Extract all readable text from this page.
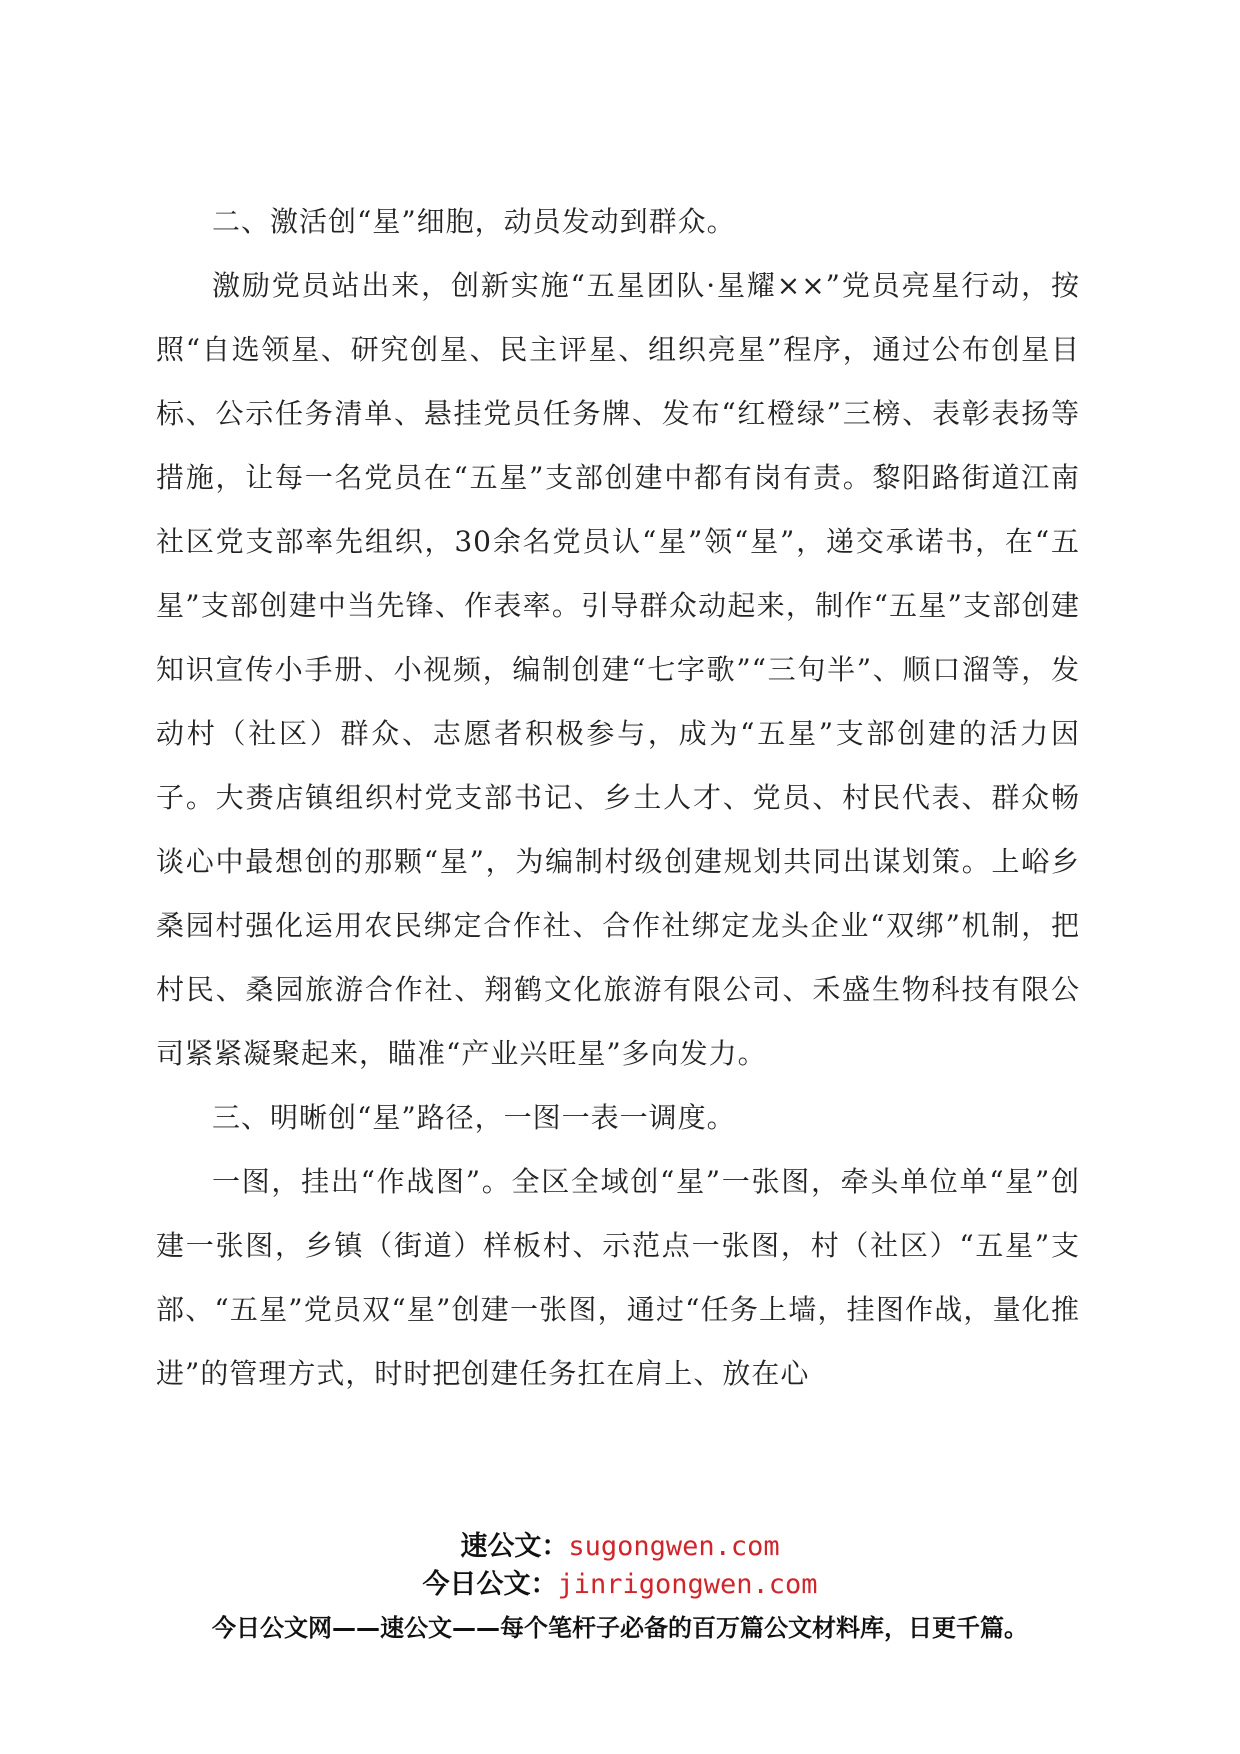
二、激活创“星”细胞，动员发动到群众。

激励党员站出来，创新实施“五星团队·星耀××”党员亮星行动，按照“自选领星、研究创星、民主评星、组织亮星”程序，通过公布创星目标、公示任务清单、悬挂党员任务牌、发布“红橙绿”三榜、表彰表扬等措施，让每一名党员在“五星”支部创建中都有岗有责。黎阳路街道江南社区党支部率先组织，30余名党员认“星”领“星”，递交承诺书，在“五星”支部创建中当先锋、作表率。引导群众动起来，制作“五星”支部创建知识宣传小手册、小视频，编制创建“七字歌”“三句半”、顺口溜等，发动村（社区）群众、志愿者积极参与，成为“五星”支部创建的活力因子。大赉店镇组织村党支部书记、乡土人才、党员、村民代表、群众畅谈心中最想创的那颗“星”，为编制村级创建规划共同出谋划策。上峪乡桑园村强化运用农民绑定合作社、合作社绑定龙头企业“双绑”机制，把村民、桑园旅游合作社、翔鹤文化旅游有限公司、禾盛生物科技有限公司紧紧凝聚起来，瞄准“产业兴旺星”多向发力。

三、明晰创“星”路径，一图一表一调度。

一图，挂出“作战图”。全区全域创“星”一张图，牵头单位单“星”创建一张图，乡镇（街道）样板村、示范点一张图，村（社区）“五星”支部、“五星”党员双“星”创建一张图，通过“任务上墙，挂图作战，量化推进”的管理方式，时时把创建任务扛在肩上、放在心

速公文：sugongwen.com
今日公文：jinrigongwen.com
今日公文网——速公文——每个笔杆子必备的百万篇公文材料库，日更千篇。
